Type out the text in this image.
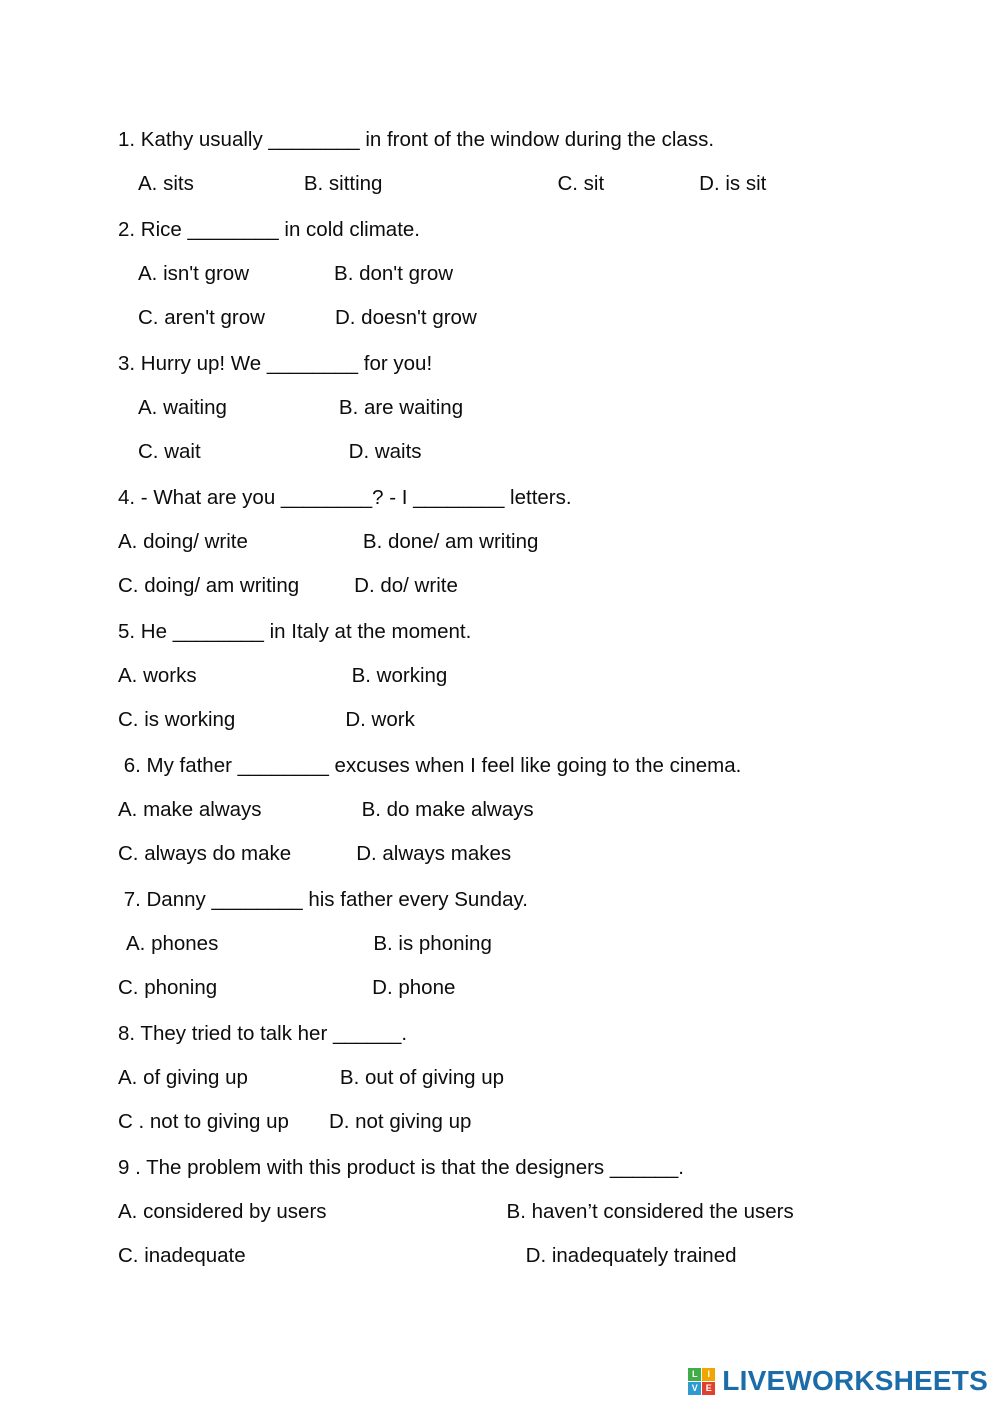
1. Kathy usually ________ in front of the window during the class.
A. sits	B. sitting	C. sit	D. is sit
2. Rice ________ in cold climate.
A. isn't grow	B. don't grow
C. aren't grow	D. doesn't grow
3. Hurry up! We ________ for you!
A. waiting	B. are waiting
C. wait	D. waits
4. - What are you ________? - I ________ letters.
A. doing/ write	B. done/ am writing
C. doing/ am writing	D. do/ write
5. He ________ in Italy at the moment.
A. works	B. working
C. is working	D. work
6. My father ________ excuses when I feel like going to the cinema.
A. make always	B. do make always
C. always do make	D. always makes
7. Danny ________ his father every Sunday.
A. phones	B. is phoning
C. phoning	D. phone
8. They tried to talk her ______.
A. of giving up	B. out of giving up
C . not to giving up D. not giving up
9 . The problem with this product is that the designers ______.
A. considered by users	B. haven’t considered the users
C. inadequate	D. inadequately trained
L	I
V E LIVEWORKSHEETS
